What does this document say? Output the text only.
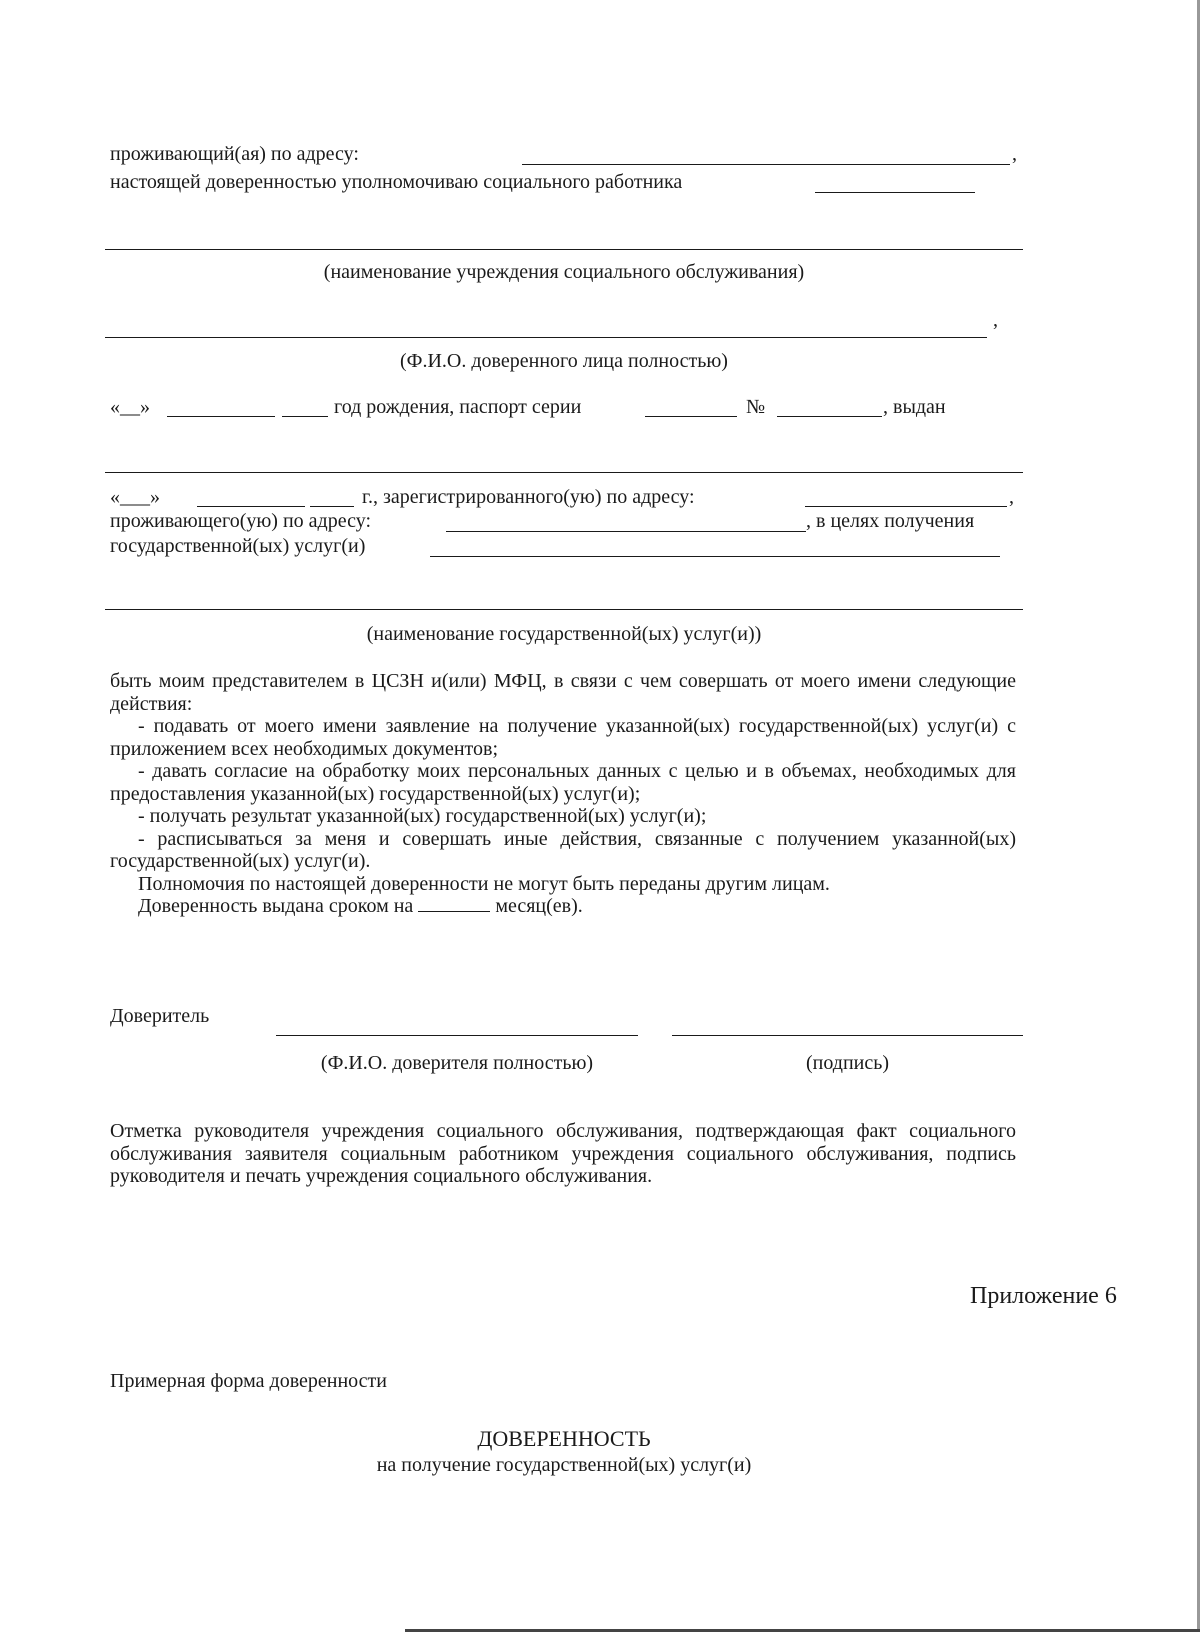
проживающий(ая) по адресу:	,
настоящей доверенностью уполномочиваю социального работника
(наименование учреждения социального обслуживания)
,
(Ф.И.О. доверенного лица полностью)
«__»	год рождения, паспорт серии	№	, выдан
«___»	г., зарегистрированного(ую) по адресу:	,
проживающего(ую) по адресу:	, в целях получения
государственной(ых) услуг(и)
(наименование государственной(ых) услуг(и))

быть моим представителем в ЦСЗН и(или) МФЦ, в связи с чем совершать от моего имени следующие действия:

- подавать от моего имени заявление на получение указанной(ых) государственной(ых) услуг(и) с приложением всех необходимых документов;

- давать согласие на обработку моих персональных данных с целью и в объемах, необходимых для предоставления указанной(ых) государственной(ых) услуг(и);

- получать результат указанной(ых) государственной(ых) услуг(и);

- расписываться за меня и совершать иные действия, связанные с получением указанной(ых) государственной(ых) услуг(и).

Полномочия по настоящей доверенности не могут быть переданы другим лицам.

Доверенность выдана сроком на	месяц(ев).

Доверитель
(Ф.И.О. доверителя полностью)	(подпись)
Отметка руководителя учреждения социального обслуживания, подтверждающая факт социального обслуживания заявителя социальным работником учреждения социального обслуживания, подпись руководителя и печать учреждения социального обслуживания.
Приложение 6
Примерная форма доверенности
ДОВЕРЕННОСТЬ
на получение государственной(ых) услуг(и)
